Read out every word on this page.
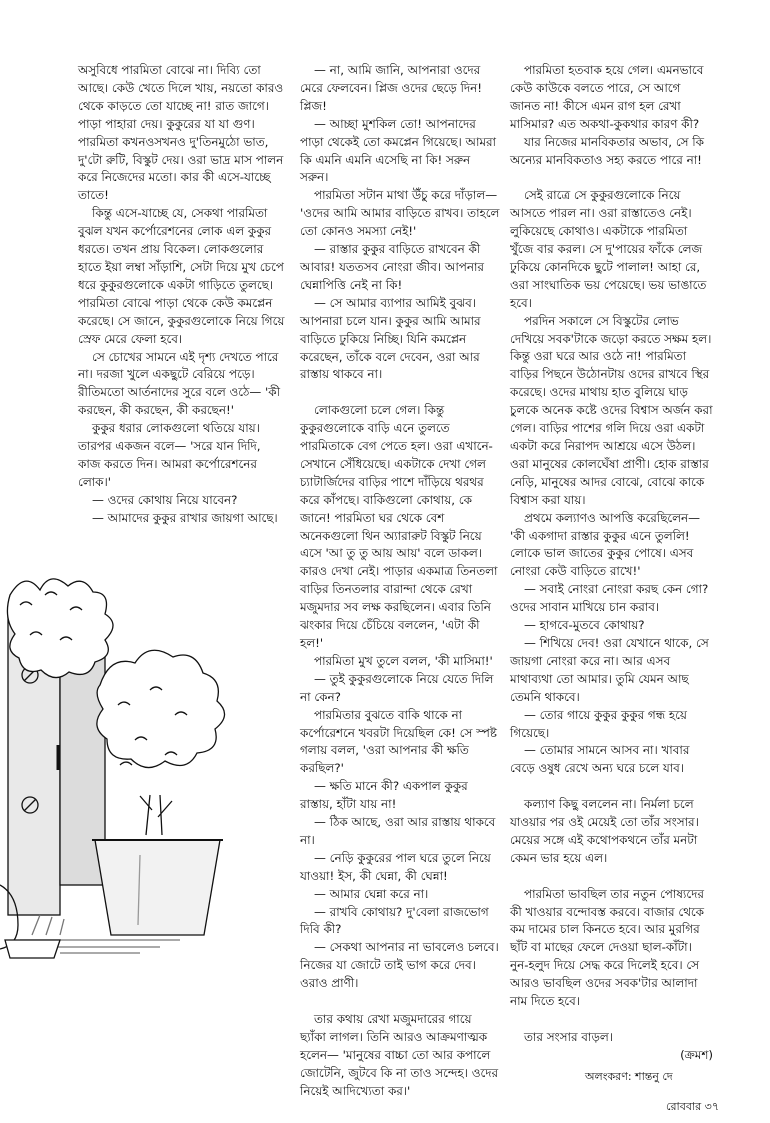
অসুবিধে পারমিতা বোঝে না। দিব্যি তো আছে। কেউ খেতে দিলে খায়, নয়তো কারও থেকে কাড়তে তো যাচ্ছে না! রাত জাগে। পাড়া পাহারা দেয়। কুকুরের যা যা গুণ। পারমিতা কখনওসখনও দু'তিনমুঠো ভাত, দু'টো রুটি, বিস্কুট দেয়। ওরা ভাদ্র মাস পালন করে নিজেদের মতো। কার কী এসে-যাচ্ছে তাতে!

কিন্তু এসে-যাচ্ছে যে, সেকথা পারমিতা বুঝল যখন কর্পোরেশনের লোক এল কুকুর ধরতে। তখন প্রায় বিকেল। লোকগুলোর হাতে ইয়া লম্বা সাঁড়াশি, সেটা দিয়ে মুখ চেপে ধরে কুকুরগুলোকে একটা গাড়িতে তুলছে। পারমিতা বোঝে পাড়া থেকে কেউ কমপ্লেন করেছে। সে জানে, কুকুরগুলোকে নিয়ে গিয়ে স্রেফ মেরে ফেলা হবে।

সে চোখের সামনে এই দৃশ্য দেখতে পারে না। দরজা খুলে একছুটে বেরিয়ে পড়ে। রীতিমতো আর্তনাদের সুরে বলে ওঠে— 'কী করছেন, কী করছেন, কী করছেন!'

কুকুর ধরার লোকগুলো থতিয়ে যায়। তারপর একজন বলে— 'সরে যান দিদি, কাজ করতে দিন। আমরা কর্পোরেশনের লোক।'

— ওদের কোথায় নিয়ে যাবেন?

— আমাদের কুকুর রাখার জায়গা আছে।

— না, আমি জানি, আপনারা ওদের মেরে ফেলবেন। প্লিজ ওদের ছেড়ে দিন! প্লিজ!

— আচ্ছা মুশকিল তো! আপনাদের পাড়া থেকেই তো কমপ্লেন গিয়েছে। আমরা কি এমনি এমনি এসেছি না কি! সরুন সরুন।

পারমিতা সটান মাথা উঁচু করে দাঁড়াল— 'ওদের আমি আমার বাড়িতে রাখব। তাহলে তো কোনও সমস্যা নেই!'

— রাস্তার কুকুর বাড়িতে রাখবেন কী আবার! যততসব নোংরা জীব। আপনার ঘেন্নাপিত্তি নেই না কি!

— সে আমার ব্যাপার আমিই বুঝব। আপনারা চলে যান। কুকুর আমি আমার বাড়িতে ঢুকিয়ে নিচ্ছি। যিনি কমপ্লেন করেছেন, তাঁকে বলে দেবেন, ওরা আর রাস্তায় থাকবে না।

লোকগুলো চলে গেল। কিন্তু কুকুরগুলোকে বাড়ি এনে তুলতে পারমিতাকে বেগ পেতে হল। ওরা এখানে-সেখানে সেঁধিয়েছে। একটাকে দেখা গেল চ্যাটার্জিদের বাড়ির পাশে দাঁড়িয়ে থরথর করে কাঁপছে। বাকিগুলো কোথায়, কে জানে! পারমিতা ঘর থেকে বেশ অনেকগুলো থিন অ্যারারুট বিস্কুট নিয়ে এসে 'আ তু তু আয় আয়' বলে ডাকল। কারও দেখা নেই। পাড়ার একমাত্র তিনতলা বাড়ির তিনতলার বারান্দা থেকে রেখা মজুমদার সব লক্ষ করছিলেন। এবার তিনি ঝংকার দিয়ে চেঁচিয়ে বললেন, 'এটা কী হল!'

পারমিতা মুখ তুলে বলল, 'কী মাসিমা!'

— তুই কুকুরগুলোকে নিয়ে যেতে দিলি না কেন?

পারমিতার বুঝতে বাকি থাকে না কর্পোরেশনে খবরটা দিয়েছিল কে! সে স্পষ্ট গলায় বলল, 'ওরা আপনার কী ক্ষতি করছিল?'

— ক্ষতি মানে কী? একপাল কুকুর রাস্তায়, হাঁটা যায় না!

— ঠিক আছে, ওরা আর রাস্তায় থাকবে না।

— নেড়ি কুকুরের পাল ঘরে তুলে নিয়ে যাওয়া! ইস, কী ঘেন্না, কী ঘেন্না!

— আমার ঘেন্না করে না।

— রাখবি কোথায়? দু'বেলা রাজভোগ দিবি কী?

— সেকথা আপনার না ভাবলেও চলবে। নিজের যা জোটে তাই ভাগ করে দেব। ওরাও প্রাণী।

তার কথায় রেখা মজুমদারের গায়ে ছ্যাঁকা লাগল। তিনি আরও আক্রমণাত্মক হলেন— 'মানুষের বাচ্চা তো আর কপালে জোটেনি, জুটবে কি না তাও সন্দেহ। ওদের নিয়েই আদিখ্যেতা কর।'

পারমিতা হতবাক হয়ে গেল। এমনভাবে কেউ কাউকে বলতে পারে, সে আগে জানত না! কীসে এমন রাগ হল রেখা মাসিমার? এত অকথা-কুকথার কারণ কী?

যার নিজের মানবিকতার অভাব, সে কি অন্যের মানবিকতাও সহ্য করতে পারে না!

সেই রাত্রে সে কুকুরগুলোকে নিয়ে আসতে পারল না। ওরা রাস্তাতেও নেই। লুকিয়েছে কোথাও। একটাকে পারমিতা খুঁজে বার করল। সে দু'পায়ের ফাঁকে লেজ ঢুকিয়ে কোনদিকে ছুটে পালাল! আহা রে, ওরা সাংঘাতিক ভয় পেয়েছে। ভয় ভাঙাতে হবে।

পরদিন সকালে সে বিস্কুটের লোভ দেখিয়ে সবক'টাকে জড়ো করতে সক্ষম হল। কিন্তু ওরা ঘরে আর ওঠে না! পারমিতা বাড়ির পিছনে উঠোনটায় ওদের রাখবে স্থির করেছে। ওদের মাথায় হাত বুলিয়ে ঘাড় চুলকে অনেক কষ্টে ওদের বিশ্বাস অর্জন করা গেল। বাড়ির পাশের গলি দিয়ে ওরা একটা একটা করে নিরাপদ আশ্রয়ে এসে উঠল। ওরা মানুষের কোলঘেঁষা প্রাণী। হোক রাস্তার নেড়ি, মানুষের আদর বোঝে, বোঝে কাকে বিশ্বাস করা যায়।

প্রথমে কল্যাণও আপত্তি করেছিলেন— 'কী একগাদা রাস্তার কুকুর এনে তুললি! লোকে ভাল জাতের কুকুর পোষে। এসব নোংরা কেউ বাড়িতে রাখে!'

— সবাই নোংরা নোংরা করছ কেন গো? ওদের সাবান মাখিয়ে চান করাব।

— হাগবে-মুতবে কোথায়?

— শিখিয়ে দেব! ওরা যেখানে থাকে, সে জায়গা নোংরা করে না। আর এসব মাথাব্যথা তো আমার। তুমি যেমন আছ তেমনি থাকবে।

— তোর গায়ে কুকুর কুকুর গন্ধ হয়ে গিয়েছে।

— তোমার সামনে আসব না। খাবার বেড়ে ওষুধ রেখে অন্য ঘরে চলে যাব।

কল্যাণ কিছু বললেন না। নির্মলা চলে যাওয়ার পর ওই মেয়েই তো তাঁর সংসার। মেয়ের সঙ্গে এই কথোপকথনে তাঁর মনটা কেমন ভার হয়ে এল।

পারমিতা ভাবছিল তার নতুন পোষ্যদের কী খাওয়ার বন্দোবস্ত করবে। বাজার থেকে কম দামের চাল কিনতে হবে। আর মুরগির ছাঁট বা মাছের ফেলে দেওয়া ছাল-কাঁটা। নুন-হলুদ দিয়ে সেদ্ধ করে দিলেই হবে। সে আরও ভাবছিল ওদের সবক'টার আলাদা নাম দিতে হবে।

তার সংসার বাড়ল।

(ক্রমশ)

অলংকরণ: শান্তনু দে
রোববার ৩৭
